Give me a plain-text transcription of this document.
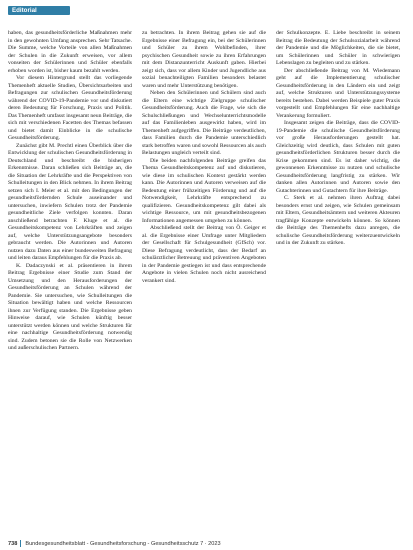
Editorial

haben, das gesundheitsförderliche Maßnahmen mehr in den gewohnten Umfang ansprechen. Sehr Tatsache. Die Summe, welche Vorteile von allen Maßnahmen der Schulen in die Zukunft erweisen, vor allem vonseiten der Schülerinnen und Schüler ebenfalls erhoben worden ist, bisher kaum bezahlt werden.

Vor diesem Hintergrund stellt das vorliegende Themenheft aktuelle Studien, Übersichtsarbeiten und Befragungen zur schulischen Gesundheitsförderung während der COVID-19-Pandemie vor und diskutiert deren Bedeutung für Forschung, Praxis und Politik. Das Themenheft umfasst insgesamt neun Beiträge, die sich mit verschiedenen Facetten des Themas befassen und bietet damit Einblicke in die schulische Gesundheitsförderung.

Zunächst gibt M. Prechtl einen Überblick über die Entwicklung der schulischen Gesundheitsförderung in Deutschland und beschreibt die bisherigen Erkenntnisse. Daran schließen sich Beiträge an, die die Situation der Lehrkräfte und die Perspektiven von Schulleitungen in den Blick nehmen. In ihrem Beitrag setzen sich I. Meier et al. mit den Bedingungen der gesundheitsfördernden Schule auseinander und untersuchen, inwiefern Schulen trotz der Pandemie gesundheitliche Ziele verfolgen konnten. Daran anschließend betrachten F. Kluge et al. die Gesundheitskompetenz von Lehrkräften und zeigen auf, welche Unterstützungsangebote besonders gebraucht werden. Die Autorinnen und Autoren nutzen dazu Daten aus einer bundesweiten Befragung und leiten daraus Empfehlungen für die Praxis ab.

K. Dadaczynski et al. präsentieren in ihrem Beitrag Ergebnisse einer Studie zum Stand der Umsetzung und den Herausforderungen der Gesundheitsförderung an Schulen während der Pandemie. Sie untersuchen, wie Schulleitungen die Situation bewältigt haben und welche Ressourcen ihnen zur Verfügung standen. Die Ergebnisse geben Hinweise darauf, wie Schulen künftig besser unterstützt werden können und welche Strukturen für eine nachhaltige Gesundheitsförderung notwendig sind. Zudem betonen sie die Rolle von Netzwerken und außerschulischen Partnern.

zu betrachten. In ihrem Beitrag gehen sie auf die Ergebnisse einer Befragung ein, bei der Schülerinnen und Schüler zu ihrem Wohlbefinden, ihrer psychischen Gesundheit sowie zu ihren Erfahrungen mit dem Distanzunterricht Auskunft gaben. Hierbei zeigt sich, dass vor allem Kinder und Jugendliche aus sozial benachteiligten Familien besonders belastet waren und mehr Unterstützung benötigen.

Neben den Schülerinnen und Schülern sind auch die Eltern eine wichtige Zielgruppe schulischer Gesundheitsförderung. Auch die Frage, wie sich die Schulschließungen und Wechselunterrichtsmodelle auf das Familienleben ausgewirkt haben, wird im Themenheft aufgegriffen. Die Beiträge verdeutlichen, dass Familien durch die Pandemie unterschiedlich stark betroffen waren und sowohl Ressourcen als auch Belastungen ungleich verteilt sind.

Die beiden nachfolgenden Beiträge greifen das Thema Gesundheitskompetenz auf und diskutieren, wie diese im schulischen Kontext gestärkt werden kann. Die Autorinnen und Autoren verweisen auf die Bedeutung einer frühzeitigen Förderung und auf die Notwendigkeit, Lehrkräfte entsprechend zu qualifizieren. Gesundheitskompetenz gilt dabei als wichtige Ressource, um mit gesundheitsbezogenen Informationen angemessen umgehen zu können.

Abschließend stellt der Beitrag von Ö. Geiger et al. die Ergebnisse einer Umfrage unter Mitgliedern der Gesellschaft für Schulgesundheit (GfSch) vor. Diese Befragung verdeutlicht, dass der Bedarf an schulärztlicher Betreuung und präventiven Angeboten in der Pandemie gestiegen ist und dass entsprechende Angebote in vielen Schulen noch nicht ausreichend verankert sind.

der Schulkonzepte. E. Liebe beschreibt in seinem Beitrag die Bedeutung der Schulsozialarbeit während der Pandemie und die Möglichkeiten, die sie bietet, um Schülerinnen und Schüler in schwierigen Lebenslagen zu begleiten und zu stärken.

Der abschließende Beitrag von M. Wiedemann geht auf die Implementierung schulischer Gesundheitsförderung in den Ländern ein und zeigt auf, welche Strukturen und Unterstützungssysteme bereits bestehen. Dabei werden Beispiele guter Praxis vorgestellt und Empfehlungen für eine nachhaltige Verankerung formuliert.

Insgesamt zeigen die Beiträge, dass die COVID-19-Pandemie die schulische Gesundheitsförderung vor große Herausforderungen gestellt hat. Gleichzeitig wird deutlich, dass Schulen mit guten gesundheitsförderlichen Strukturen besser durch die Krise gekommen sind. Es ist daher wichtig, die gewonnenen Erkenntnisse zu nutzen und schulische Gesundheitsförderung langfristig zu stärken. Wir danken allen Autorinnen und Autoren sowie den Gutachterinnen und Gutachtern für ihre Beiträge.

C. Sterk et al. nehmen ihren Auftrag dabei besonders ernst und zeigen, wie Schulen gemeinsam mit Eltern, Gesundheitsämtern und weiteren Akteuren tragfähige Konzepte entwickeln können. So können die Beiträge des Themenhefts dazu anregen, die schulische Gesundheitsförderung weiterzuentwickeln und in der Zukunft zu stärken.

738 Bundesgesundheitsblatt - Gesundheitsforschung - Gesundheitsschutz 7 · 2023
